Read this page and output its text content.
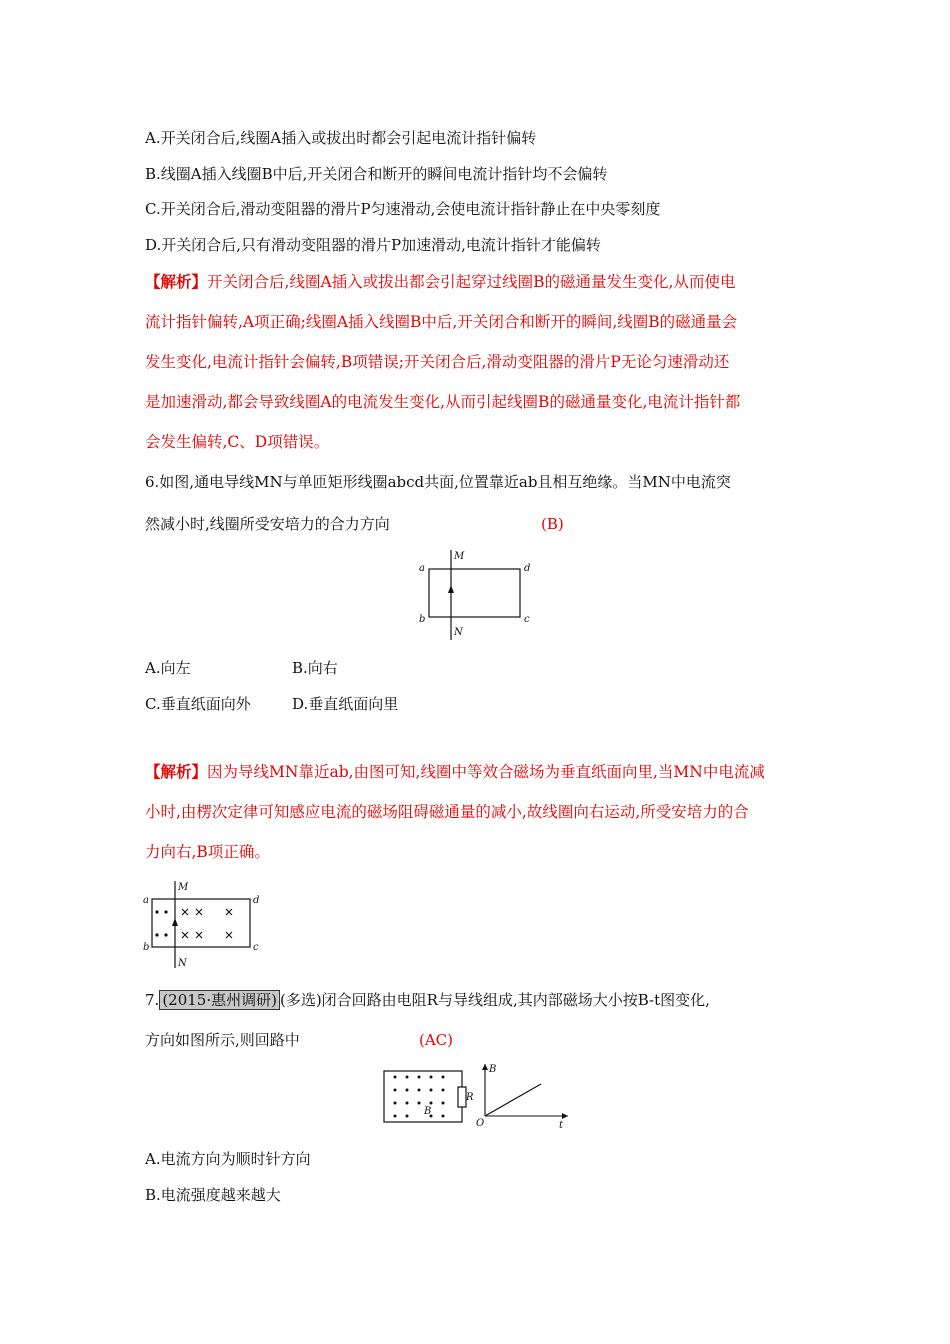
A.开关闭合后,线圈A插入或拔出时都会引起电流计指针偏转
B.线圈A插入线圈B中后,开关闭合和断开的瞬间电流计指针均不会偏转
C.开关闭合后,滑动变阻器的滑片P匀速滑动,会使电流计指针静止在中央零刻度
D.开关闭合后,只有滑动变阻器的滑片P加速滑动,电流计指针才能偏转
【解析】开关闭合后,线圈A插入或拔出都会引起穿过线圈B的磁通量发生变化,从而使电
流计指针偏转,A项正确;线圈A插入线圈B中后,开关闭合和断开的瞬间,线圈B的磁通量会
发生变化,电流计指针会偏转,B项错误;开关闭合后,滑动变阻器的滑片P无论匀速滑动还
是加速滑动,都会导致线圈A的电流发生变化,从而引起线圈B的磁通量变化,电流计指针都
会发生偏转,C、D项错误。
6.如图,通电导线MN与单匝矩形线圈abcd共面,位置靠近ab且相互绝缘。当MN中电流突
然减小时,线圈所受安培力的合力方向	(B)
M
N
a
b	c
d
A.向左	B.向右
C.垂直纸面向外	D.垂直纸面向里
【解析】因为导线MN靠近ab,由图可知,线圈中等效合磁场为垂直纸面向里,当MN中电流减
小时,由楞次定律可知感应电流的磁场阻碍磁通量的减小,故线圈向右运动,所受安培力的合
力向右,B项正确。
M
N
a
b	c
d
7. (2015·惠州调研) (多选)闭合回路由电阻R与导线组成,其内部磁场大小按B-t图变化,
方向如图所示,则回路中	(AC)
B
R
B
t
O
A.电流方向为顺时针方向
B.电流强度越来越大
